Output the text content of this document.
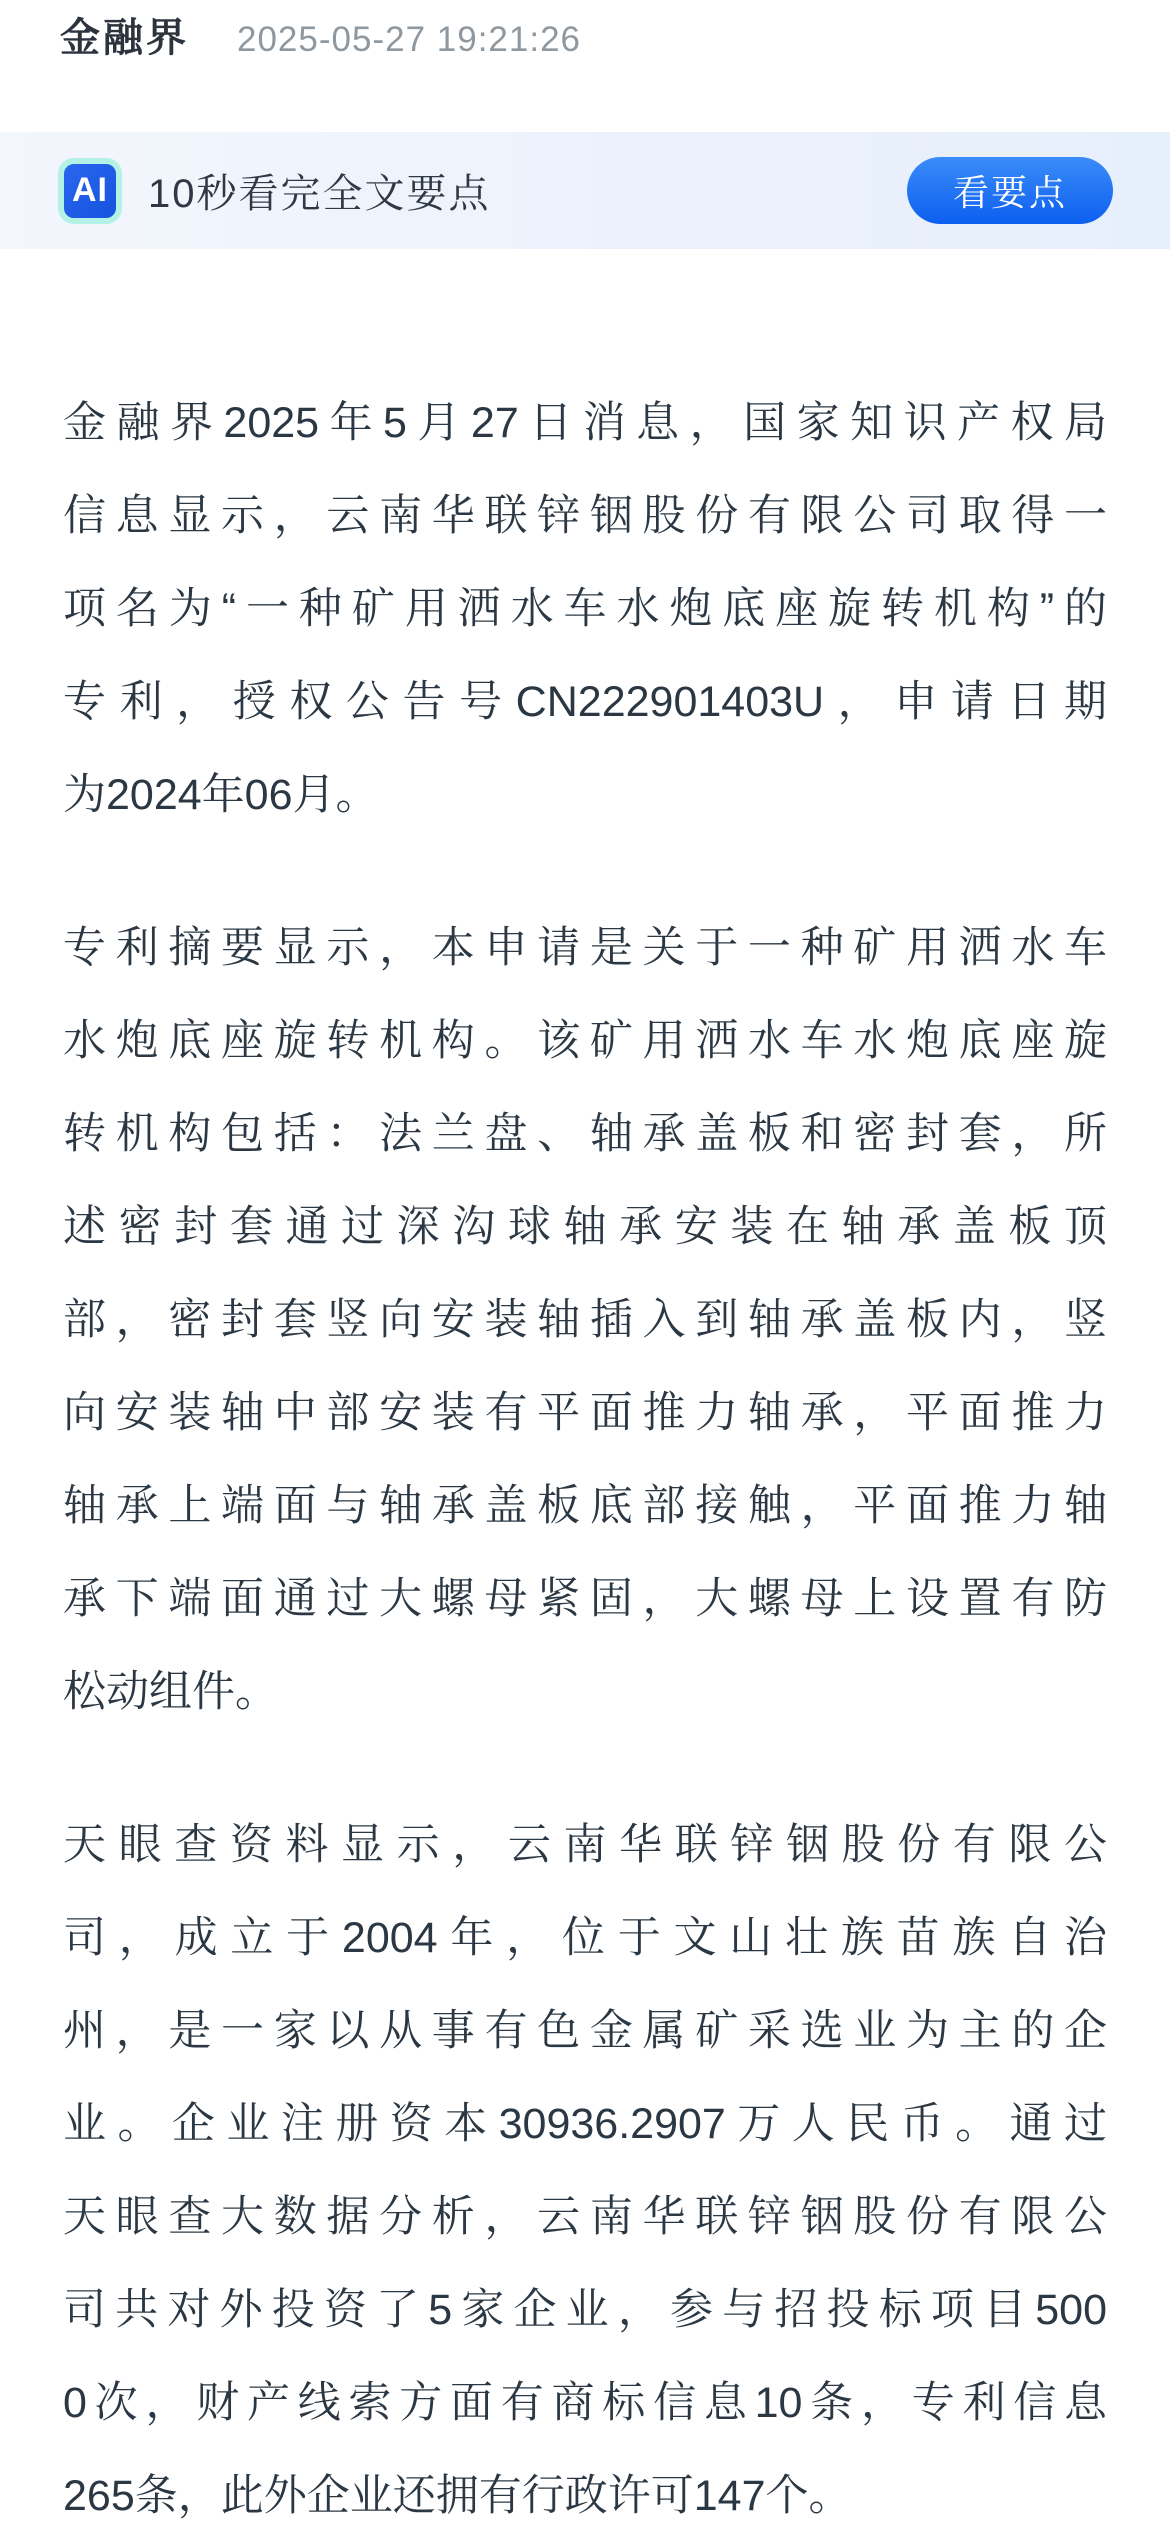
金融界 2025-05-27 19:21:26
AI 10秒看完全文要点	看要点
金融界2025年5月27日消息，国家知识产权局
信息显示，云南华联锌铟股份有限公司取得一
项名为“一种矿用洒水车水炮底座旋转机构”的
专利，授权公告号CN222901403U，申请日期
为2024年06月。
专利摘要显示，本申请是关于一种矿用洒水车
水炮底座旋转机构。该矿用洒水车水炮底座旋
转机构包括：法兰盘、轴承盖板和密封套，所
述密封套通过深沟球轴承安装在轴承盖板顶
部，密封套竖向安装轴插入到轴承盖板内，竖
向安装轴中部安装有平面推力轴承，平面推力
轴承上端面与轴承盖板底部接触，平面推力轴
承下端面通过大螺母紧固，大螺母上设置有防
松动组件。
天眼查资料显示，云南华联锌铟股份有限公
司，成立于2004年，位于文山壮族苗族自治
州，是一家以从事有色金属矿采选业为主的企
业。企业注册资本30936.2907万人民币。通过
天眼查大数据分析，云南华联锌铟股份有限公
司共对外投资了5家企业，参与招投标项目500
0次，财产线索方面有商标信息10条，专利信息
265条，此外企业还拥有行政许可147个。
